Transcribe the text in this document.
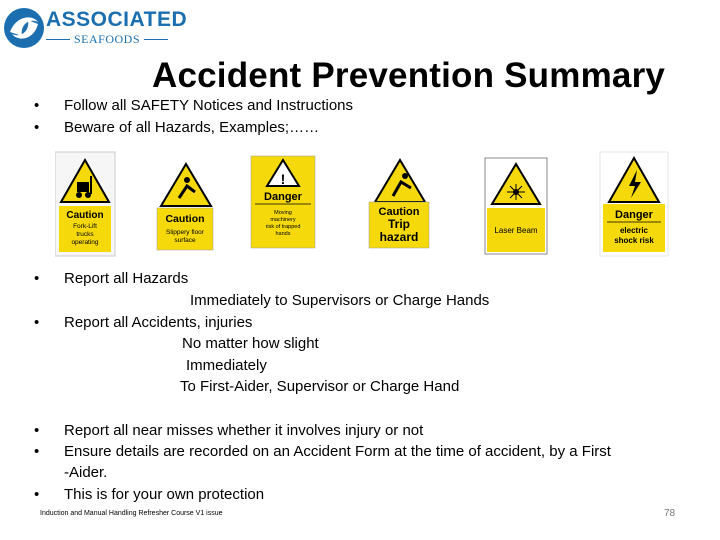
ASSOCIATED
SEAFOODS
Accident Prevention Summary
• Follow all SAFETY Notices and Instructions
• Beware of all Hazards, Examples;……
Caution
Fork-Lift
trucks
operating
Caution
Slippery floor
surface
!
Danger
Moving
machinery
risk of trapped
hands
Caution
Trip
hazard	Laser Beam
Danger
electric
shock risk
• Report all Hazards
Immediately to Supervisors or Charge Hands
• Report all Accidents, injuries
No matter how slight
Immediately
To First-Aider, Supervisor or Charge Hand
• Report all near misses whether it involves injury or not
• Ensure details are recorded on an Accident Form at the time of accident, by a First
-Aider.
• This is for your own protection
Induction and Manual Handling Refresher Course V1 issue	78
